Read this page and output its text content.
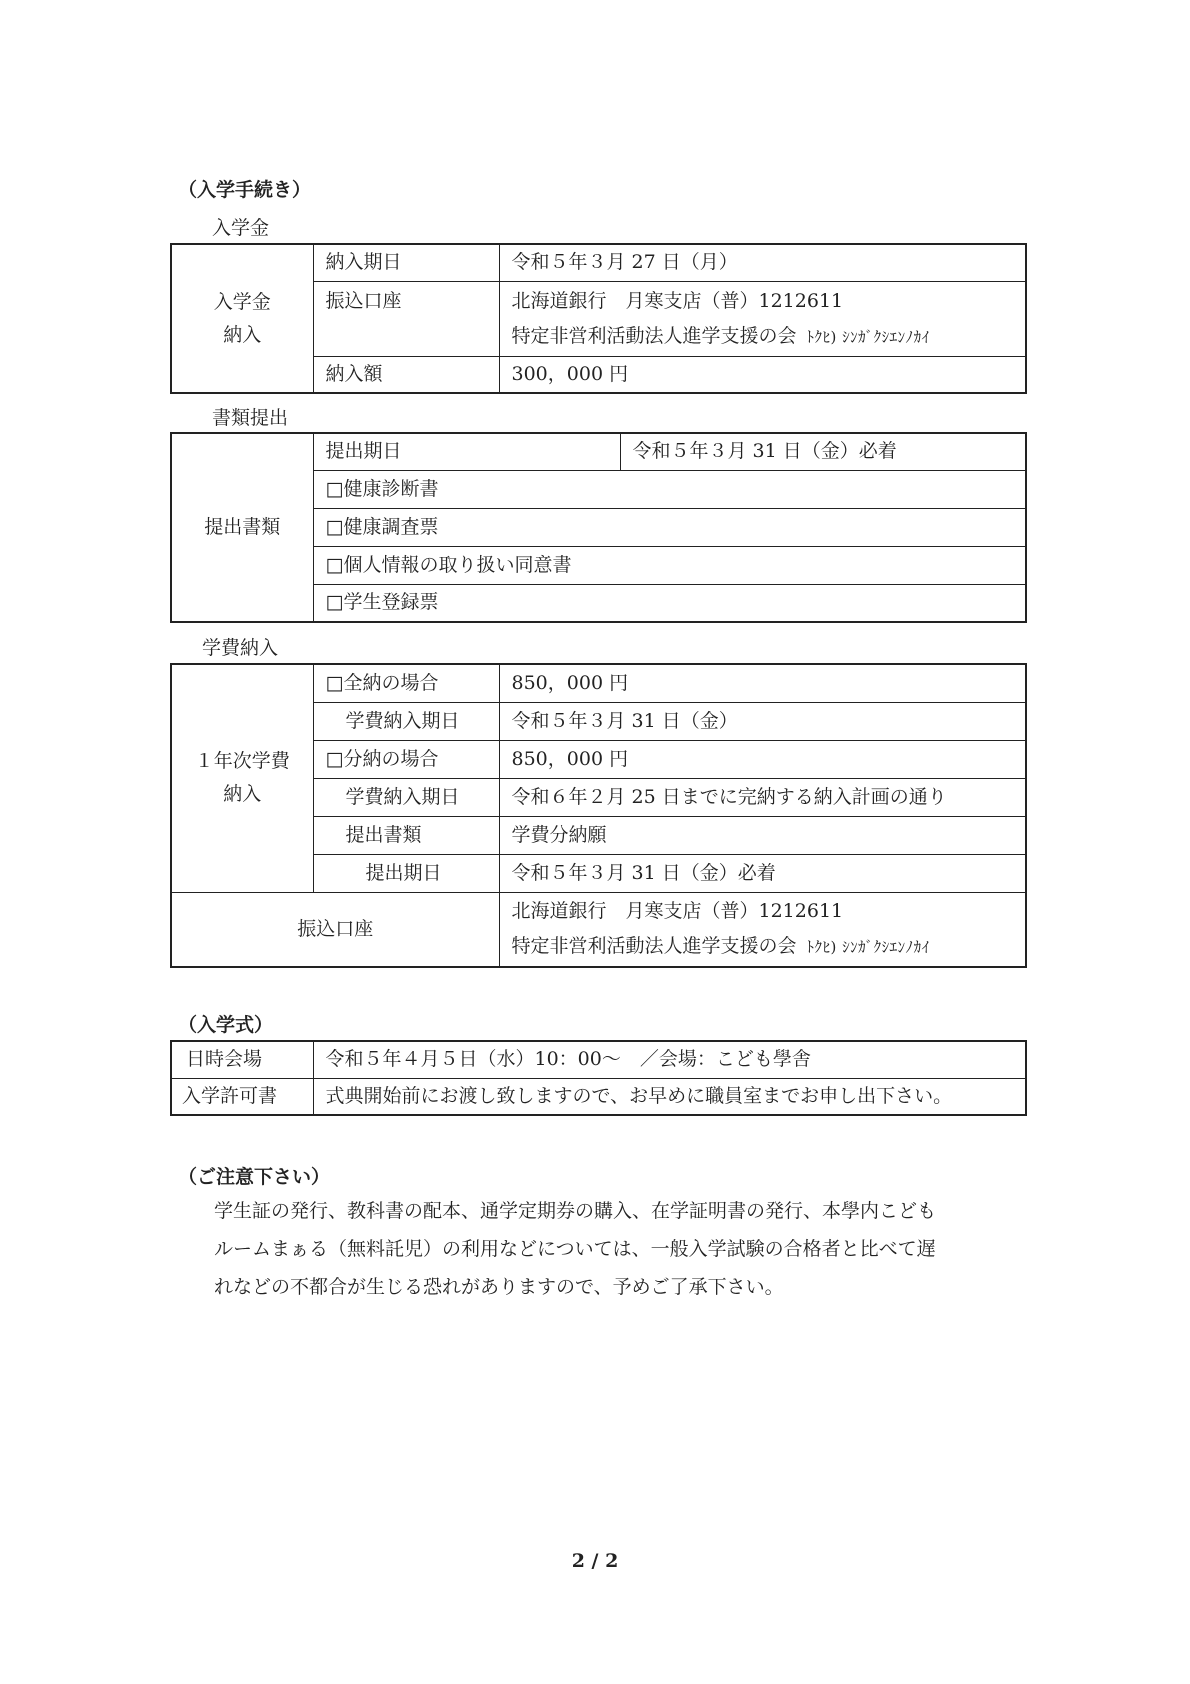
（入学手続き）
入学金
入学金

納入	納入期日	令和５年３月 27 日（月）
	振込口座	北海道銀行　月寒支店（普）1212611
特定非営利活動法人進学支援の会 ﾄｸﾋ) ｼﾝｶﾞｸｼｴﾝﾉｶｲ

	納入額	300，000 円
書類提出
提出書類	提出期日	令和５年３月 31 日（金）必着
□健康診断書
□健康調査票
□個人情報の取り扱い同意書
□学生登録票
学費納入
１年次学費

納入	□全納の場合	850，000 円
	学費納入期日	令和５年３月 31 日（金）
	□分納の場合	850，000 円
	学費納入期日	令和６年２月 25 日までに完納する納入計画の通り
	提出書類	学費分納願
	提出期日	令和５年３月 31 日（金）必着
振込口座		北海道銀行　月寒支店（普）1212611
特定非営利活動法人進学支援の会 ﾄｸﾋ) ｼﾝｶﾞｸｼｴﾝﾉｶｲ
（入学式）
日時会場	令和５年４月５日（水）10：00～　／会場：こども學舎
入学許可書	式典開始前にお渡し致しますので、お早めに職員室までお申し出下さい。
（ご注意下さい）
学生証の発行、教科書の配本、通学定期券の購入、在学証明書の発行、本學内こども
ルームまぁる（無料託児）の利用などについては、一般入学試験の合格者と比べて遅
れなどの不都合が生じる恐れがありますので、予めご了承下さい。
2 / 2
